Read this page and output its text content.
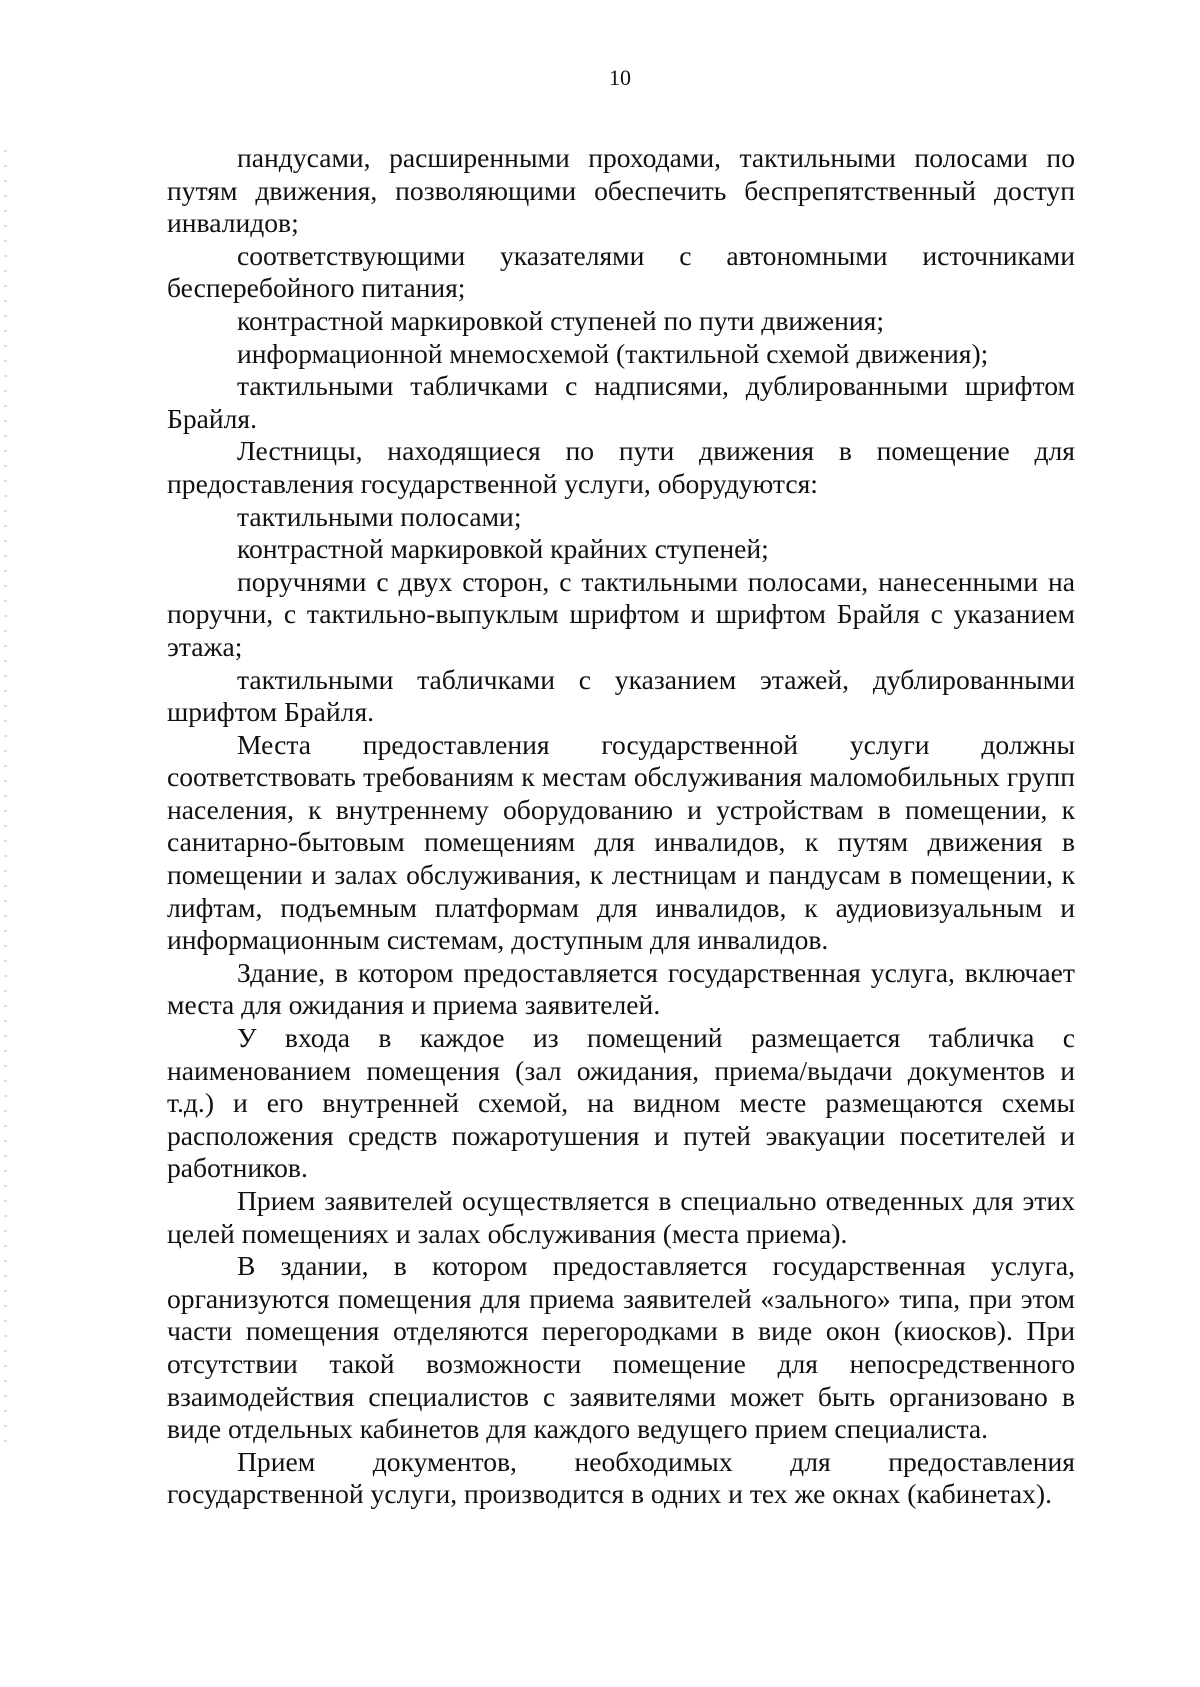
10

пандусами, расширенными проходами, тактильными полосами по путям движения, позволяющими обеспечить беспрепятственный доступ инвалидов;

соответствующими указателями с автономными источниками бесперебойного питания;

контрастной маркировкой ступеней по пути движения;

информационной мнемосхемой (тактильной схемой движения);

тактильными табличками с надписями, дублированными шрифтом Брайля.

Лестницы, находящиеся по пути движения в помещение для предоставления государственной услуги, оборудуются:

тактильными полосами;

контрастной маркировкой крайних ступеней;

поручнями с двух сторон, с тактильными полосами, нанесенными на поручни, с тактильно-выпуклым шрифтом и шрифтом Брайля с указанием этажа;

тактильными табличками с указанием этажей, дублированными шрифтом Брайля.

Места предоставления государственной услуги должны соответствовать требованиям к местам обслуживания маломобильных групп населения, к внутреннему оборудованию и устройствам в помещении, к санитарно-бытовым помещениям для инвалидов, к путям движения в помещении и залах обслуживания, к лестницам и пандусам в помещении, к лифтам, подъемным платформам для инвалидов, к аудиовизуальным и информационным системам, доступным для инвалидов.

Здание, в котором предоставляется государственная услуга, включает места для ожидания и приема заявителей.

У входа в каждое из помещений размещается табличка с наименованием помещения (зал ожидания, приема/выдачи документов и т.д.) и его внутренней схемой, на видном месте размещаются схемы расположения средств пожаротушения и путей эвакуации посетителей и работников.

Прием заявителей осуществляется в специально отведенных для этих целей помещениях и залах обслуживания (места приема).

В здании, в котором предоставляется государственная услуга, организуются помещения для приема заявителей «зального» типа, при этом части помещения отделяются перегородками в виде окон (киосков). При отсутствии такой возможности помещение для непосредственного взаимодействия специалистов с заявителями может быть организовано в виде отдельных кабинетов для каждого ведущего прием специалиста.

Прием документов, необходимых для предоставления государственной услуги, производится в одних и тех же окнах (кабинетах).
